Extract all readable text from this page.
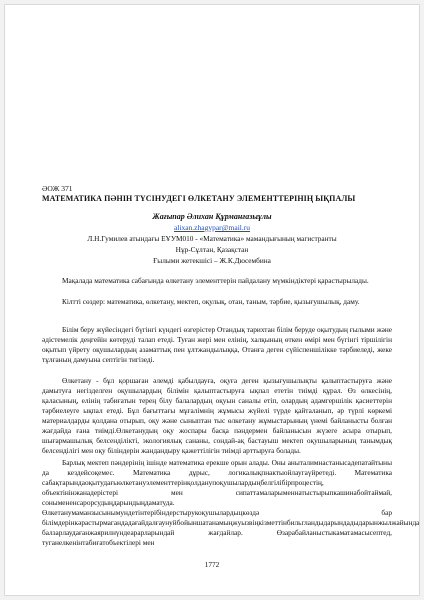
ӘОЖ 371
МАТЕМАТИКА ПӘНІН ТҮСІНУДЕГІ ӨЛКЕТАНУ ЭЛЕМЕНТТЕРІНІҢ ЫҚПАЛЫ
Жағыпар Әлихан Құрманғазыұлы
alixan.zhagypar@mail.ru
Л.Н.Гумилев атындағы ЕҰУМ010 - «Математика» мамандығының магистранты
Нұр-Сұлтан, Қазақстан
Ғылыми жетекшісі – Ж.К.Дюсембина
Мақалада математика сабағында өлкетану элементтерін пайдалану мүмкіндіктері қарастырылады.
Кілтті сөздер: математика, өлкетану, мектеп, оқулық, отан, таным, тәрбие, қызығушылық, даму.
Білім беру жүйесіндегі бүгінгі күндегі өзгерістер Отандық тарихтан білім беруде оқытудың ғылыми және әдістемелік деңгейін көтеруді талап етеді. Туған жері мен елінің, халқының өткен өмірі мен бүгінгі тіршілігін оқытып үйрету оқушылардың азаматтық пен ұлтжандылыққа, Отанға деген сүйіспеншілікке тәрбиеледі, жеке тұлғаның дамуына септігін тигізеді.
Өлкетану - бұл қоршаған әлемді қабылдауға, оқуға деген қызығушылықты қалыптастыруға және дамытуға негізделген оқушылардың білімін қалыптастыруға ықпал ететін тиімді құрал. Өз өлкесінің, қаласының, елінің табиғатын терең білу балалардың оқуын саналы етіп, олардың адамгершілік қасиеттерін тәрбиелеуге ықпал етеді. Бұл бағыттағы мұғалімнің жұмысы жүйелі түрде қайталанып, әр түрлі көркемі материалдарды қолдана отырып, оқу және сыныптан тыс өлкетану жұмыстарының үнемі байланысты болған жағдайда ғана тиімді.Өлкетанудың оқу жоспары басқа пәндермен байланысын жүзеге асыра отырып, шығармашылық белсенділікті, экологиялық сананы, сондай-ақ бастауыш мектеп оқушыларының танымдық белсенділігі мен оқу біліндерін жандандыру қажеттілігін тиімді арттыруға болады.
Барлық мектеп пәндерінің ішінде математика ерекше орын алады. Оны аныталимнастанысадепатайтыны да кездейсоқемес. Математика дұрыс, логикалықпнактыойлаугаүйретеді. Математика сабақтарындаоқытудағыөлкетануэлементтерінқолданупоқушылардыңбелгілібірпроцестің, объектінінжанадерістері мен сипаттамаларыменнатыстырыпкашинабойтаймай, сонымененсарорсудыңдарындыңдаматуда. Өлкетанумаманзысынымундетінтерібіндерстырукоқушылардыцкөздә бар білімдерінкәрастырмагандадағайдалғаунуйбойыншатанамыңжуызвіңкізметтінбильгландыдарындадыдарынжылжайында балзарлаудағанжаярилнүндеарарларындай жағдайлар. Өзарабайланыстыкаматамасысептед, туганелкенінтабиғатобъектілері мен
1772
